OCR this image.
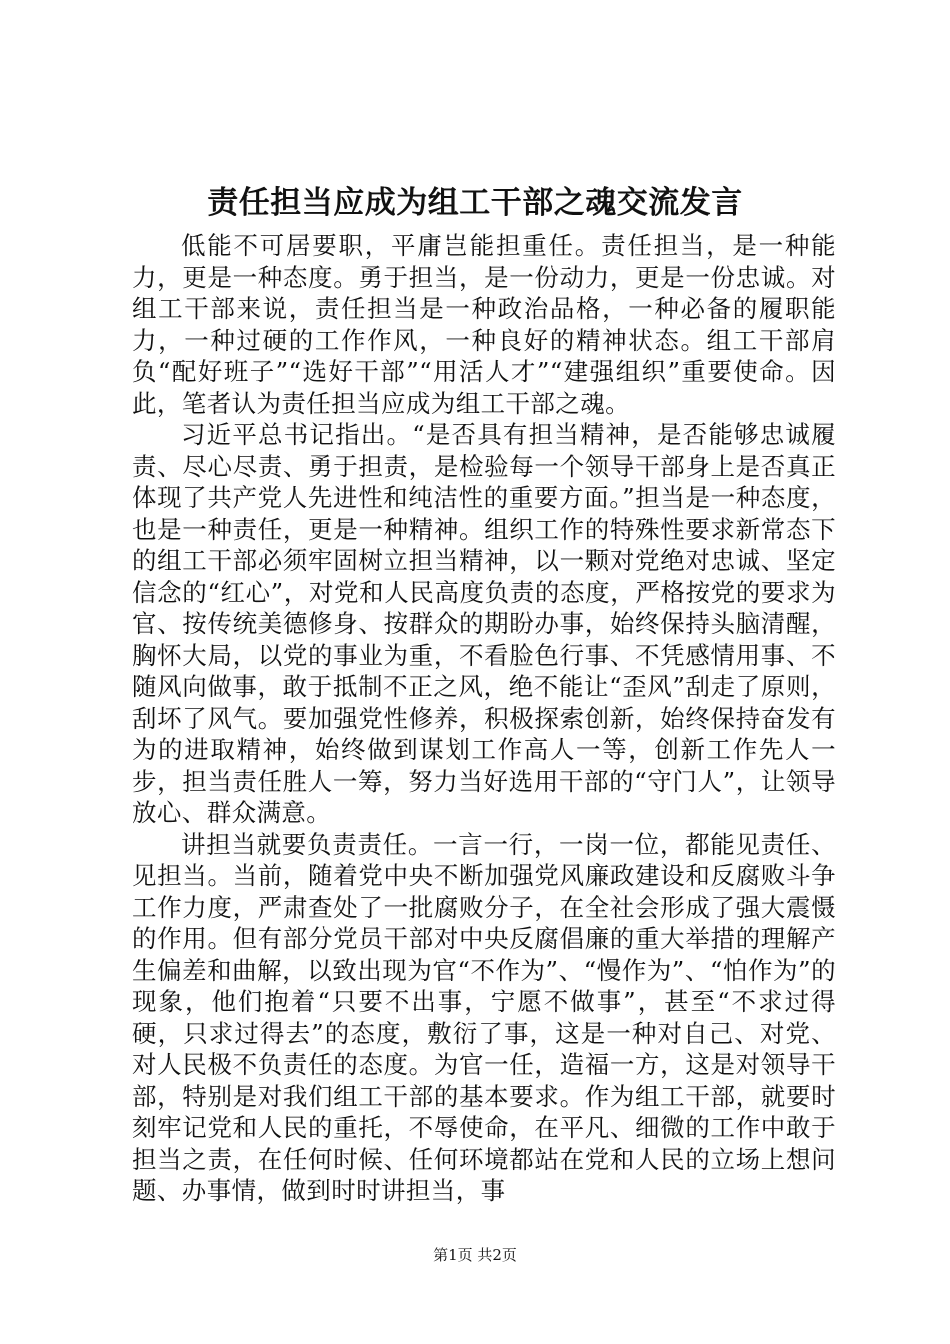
责任担当应成为组工干部之魂交流发言

低能不可居要职，平庸岂能担重任。责任担当，是一种能力，更是一种态度。勇于担当，是一份动力，更是一份忠诚。对组工干部来说，责任担当是一种政治品格，一种必备的履职能力，一种过硬的工作作风，一种良好的精神状态。组工干部肩负“配好班子”“选好干部”“用活人才”“建强组织”重要使命。因此，笔者认为责任担当应成为组工干部之魂。

习近平总书记指出。“是否具有担当精神，是否能够忠诚履责、尽心尽责、勇于担责，是检验每一个领导干部身上是否真正体现了共产党人先进性和纯洁性的重要方面。”担当是一种态度，也是一种责任，更是一种精神。组织工作的特殊性要求新常态下的组工干部必须牢固树立担当精神，以一颗对党绝对忠诚、坚定信念的“红心”，对党和人民高度负责的态度，严格按党的要求为官、按传统美德修身、按群众的期盼办事，始终保持头脑清醒，胸怀大局，以党的事业为重，不看脸色行事、不凭感情用事、不随风向做事，敢于抵制不正之风，绝不能让“歪风”刮走了原则，刮坏了风气。要加强党性修养，积极探索创新，始终保持奋发有为的进取精神，始终做到谋划工作高人一等，创新工作先人一步，担当责任胜人一筹，努力当好选用干部的“守门人”，让领导放心、群众满意。

讲担当就要负责责任。一言一行，一岗一位，都能见责任、见担当。当前，随着党中央不断加强党风廉政建设和反腐败斗争工作力度，严肃查处了一批腐败分子，在全社会形成了强大震慑的作用。但有部分党员干部对中央反腐倡廉的重大举措的理解产生偏差和曲解，以致出现为官“不作为”、“慢作为”、“怕作为”的现象，他们抱着“只要不出事，宁愿不做事”，甚至“不求过得硬，只求过得去”的态度，敷衍了事，这是一种对自己、对党、对人民极不负责任的态度。为官一任，造福一方，这是对领导干部，特别是对我们组工干部的基本要求。作为组工干部，就要时刻牢记党和人民的重托，不辱使命，在平凡、细微的工作中敢于担当之责，在任何时候、任何环境都站在党和人民的立场上想问题、办事情，做到时时讲担当，事

第1页 共2页
